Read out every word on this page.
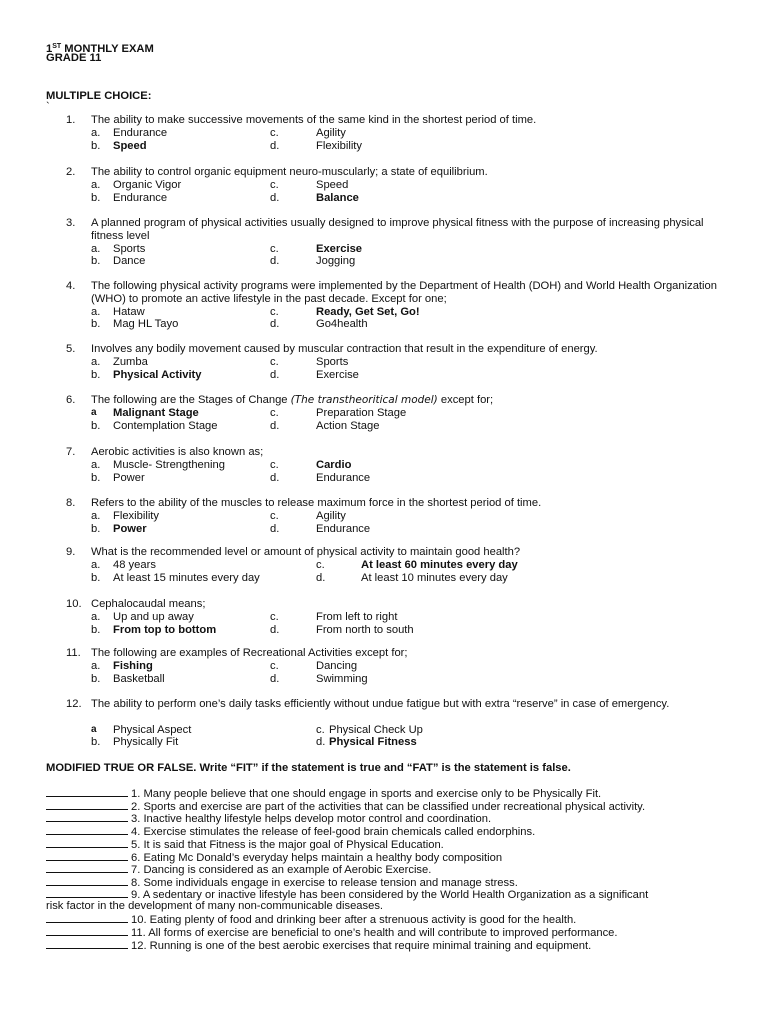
1ST MONTHLY EXAM
GRADE 11
MULTIPLE CHOICE:
`
1. The ability to make successive movements of the same kind in the shortest period of time.
a. Endurance	c.	Agility
b. Speed	d.	Flexibility
2. The ability to control organic equipment neuro-muscularly; a state of equilibrium.
a. Organic Vigor	c.	Speed
b. Endurance	d.	Balance
3. A planned program of physical activities usually designed to improve physical fitness with the purpose of increasing physical fitness level
a. Sports	c.	Exercise
b. Dance	d.	Jogging
4. The following physical activity programs were implemented by the Department of Health (DOH) and World Health Organization (WHO) to promote an active lifestyle in the past decade. Except for one;
a. Hataw	c.	Ready, Get Set, Go!
b. Mag HL Tayo	d.	Go4health
5. Involves any bodily movement caused by muscular contraction that result in the expenditure of energy.
a. Zumba	c.	Sports
b. Physical Activity	d.	Exercise
6. The following are the Stages of Change (The transtheoritical model) except for;
a Malignant Stage	c.	Preparation Stage
b. Contemplation Stage	d.	Action Stage
7. Aerobic activities is also known as;
a. Muscle- Strengthening	c.	Cardio
b. Power	d.	Endurance
8. Refers to the ability of the muscles to release maximum force in the shortest period of time.
a. Flexibility	c.	Agility
b. Power	d.	Endurance
9. What is the recommended level or amount of physical activity to maintain good health?
a. 48 years	c.	At least 60 minutes every day
b. At least 15 minutes every day	d.	At least 10 minutes every day
10. Cephalocaudal means;
a. Up and up away	c.	From left to right
b. From top to bottom	d.	From north to south
11. The following are examples of Recreational Activities except for;
a. Fishing	c.	Dancing
b. Basketball	d.	Swimming
12. The ability to perform one’s daily tasks efficiently without undue fatigue but with extra “reserve” in case of emergency.
a Physical Aspect	c. Physical Check Up
b. Physically Fit	d. Physical Fitness
MODIFIED TRUE OR FALSE. Write “FIT” if the statement is true and “FAT” is the statement is false.
1. Many people believe that one should engage in sports and exercise only to be Physically Fit.
2. Sports and exercise are part of the activities that can be classified under recreational physical activity.
3. Inactive healthy lifestyle helps develop motor control and coordination.
4. Exercise stimulates the release of feel-good brain chemicals called endorphins.
5. It is said that Fitness is the major goal of Physical Education.
6. Eating Mc Donald’s everyday helps maintain a healthy body composition
7. Dancing is considered as an example of Aerobic Exercise.
8. Some individuals engage in exercise to release tension and manage stress.
9. A sedentary or inactive lifestyle has been considered by the World Health Organization as a significant
risk factor in the development of many non-communicable diseases.
10. Eating plenty of food and drinking beer after a strenuous activity is good for the health.
11. All forms of exercise are beneficial to one’s health and will contribute to improved performance.
12. Running is one of the best aerobic exercises that require minimal training and equipment.
